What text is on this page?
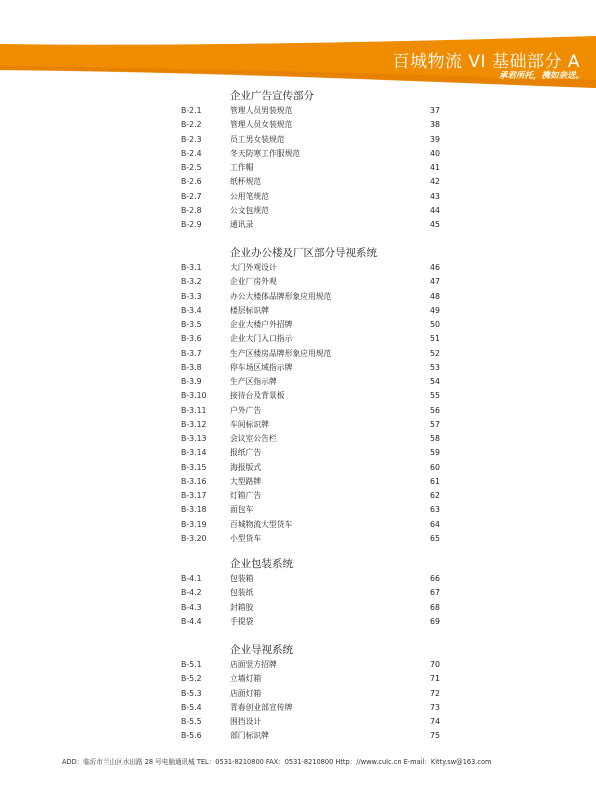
百城物流 VI 基础部分 A
承君所托，携如亲送。
企业广告宣传部分
B-2.1	管理人员男装规范	37
B-2.2	管理人员女装规范	38
B-2.3	员工男女装规范	39
B-2.4	冬天防寒工作服规范	40
B-2.5	工作帽	41
B-2.6	纸杯规范	42
B-2.7	公用笔规范	43
B-2.8	公文包规范	44
B-2.9	通讯录	45
企业办公楼及厂区部分导视系统
B-3.1	大门外观设计	46
B-3.2	企业厂房外观	47
B-3.3	办公大楼体品牌形象应用规范	48
B-3.4	楼层标识牌	49
B-3.5	企业大楼户外招牌	50
B-3.6	企业大门入口指示	51
B-3.7	生产区楼房品牌形象应用规范	52
B-3.8	停车场区域指示牌	53
B-3.9	生产区指示牌	54
B-3.10	接待台及背景板	55
B-3.11	户外广告	56
B-3.12	车间标识牌	57
B-3.13	会议室公告栏	58
B-3.14	报纸广告	59
B-3.15	海报版式	60
B-3.16	大型路牌	61
B-3.17	灯箱广告	62
B-3.18	面包车	63
B-3.19	百城物流大型货车	64
B-3.20	小型货车	65
企业包装系统
B-4.1	包装箱	66
B-4.2	包装纸	67
B-4.3	封箱胶	68
B-4.4	手提袋	69
企业导视系统
B-5.1	店面竖方招牌	70
B-5.2	立墙灯箱	71
B-5.3	店面灯箱	72
B-5.4	青春创业部宣传牌	73
B-5.5	围挡设计	74
B-5.6	部门标识牌	75
ADD：临沂市兰山区水田路 28 号电脑通讯城 TEL：0531-8210800 FAX：0531-8210800 Http：//www.culc.cn E-mail：Kitty.sw@163.com
